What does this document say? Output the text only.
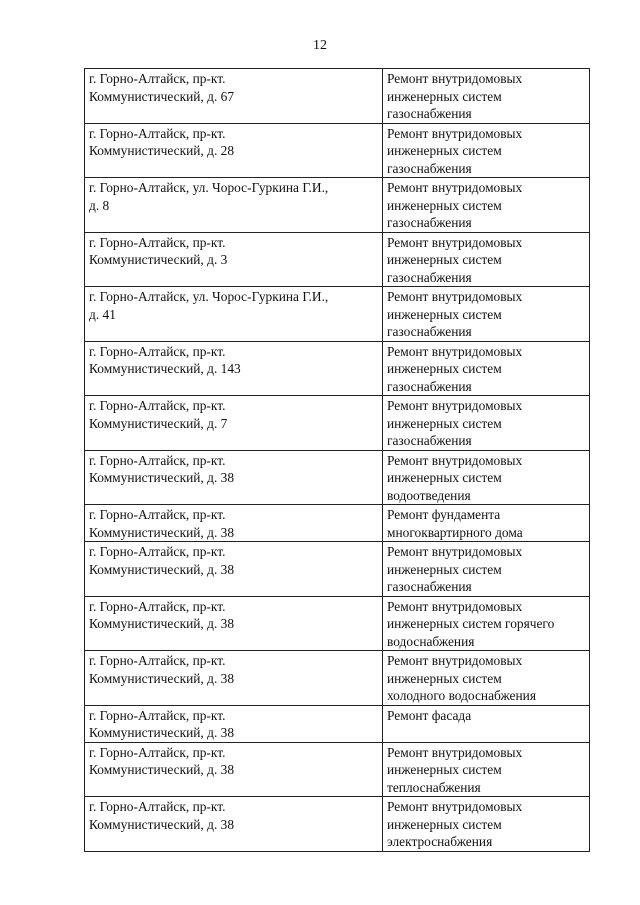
12
г. Горно-Алтайск, пр-кт.
Коммунистический, д. 67	Ремонт внутридомовых
инженерных систем
газоснабжения
г. Горно-Алтайск, пр-кт.
Коммунистический, д. 28	Ремонт внутридомовых
инженерных систем
газоснабжения
г. Горно-Алтайск, ул. Чорос-Гуркина Г.И.,
д. 8	Ремонт внутридомовых
инженерных систем
газоснабжения
г. Горно-Алтайск, пр-кт.
Коммунистический, д. 3	Ремонт внутридомовых
инженерных систем
газоснабжения
г. Горно-Алтайск, ул. Чорос-Гуркина Г.И.,
д. 41	Ремонт внутридомовых
инженерных систем
газоснабжения
г. Горно-Алтайск, пр-кт.
Коммунистический, д. 143	Ремонт внутридомовых
инженерных систем
газоснабжения
г. Горно-Алтайск, пр-кт.
Коммунистический, д. 7	Ремонт внутридомовых
инженерных систем
газоснабжения
г. Горно-Алтайск, пр-кт.
Коммунистический, д. 38	Ремонт внутридомовых
инженерных систем
водоотведения
г. Горно-Алтайск, пр-кт.
Коммунистический, д. 38	Ремонт фундамента
многоквартирного дома
г. Горно-Алтайск, пр-кт.
Коммунистический, д. 38	Ремонт внутридомовых
инженерных систем
газоснабжения
г. Горно-Алтайск, пр-кт.
Коммунистический, д. 38	Ремонт внутридомовых
инженерных систем горячего
водоснабжения
г. Горно-Алтайск, пр-кт.
Коммунистический, д. 38	Ремонт внутридомовых
инженерных систем
холодного водоснабжения
г. Горно-Алтайск, пр-кт.
Коммунистический, д. 38	Ремонт фасада
г. Горно-Алтайск, пр-кт.
Коммунистический, д. 38	Ремонт внутридомовых
инженерных систем
теплоснабжения
г. Горно-Алтайск, пр-кт.
Коммунистический, д. 38	Ремонт внутридомовых
инженерных систем
электроснабжения
